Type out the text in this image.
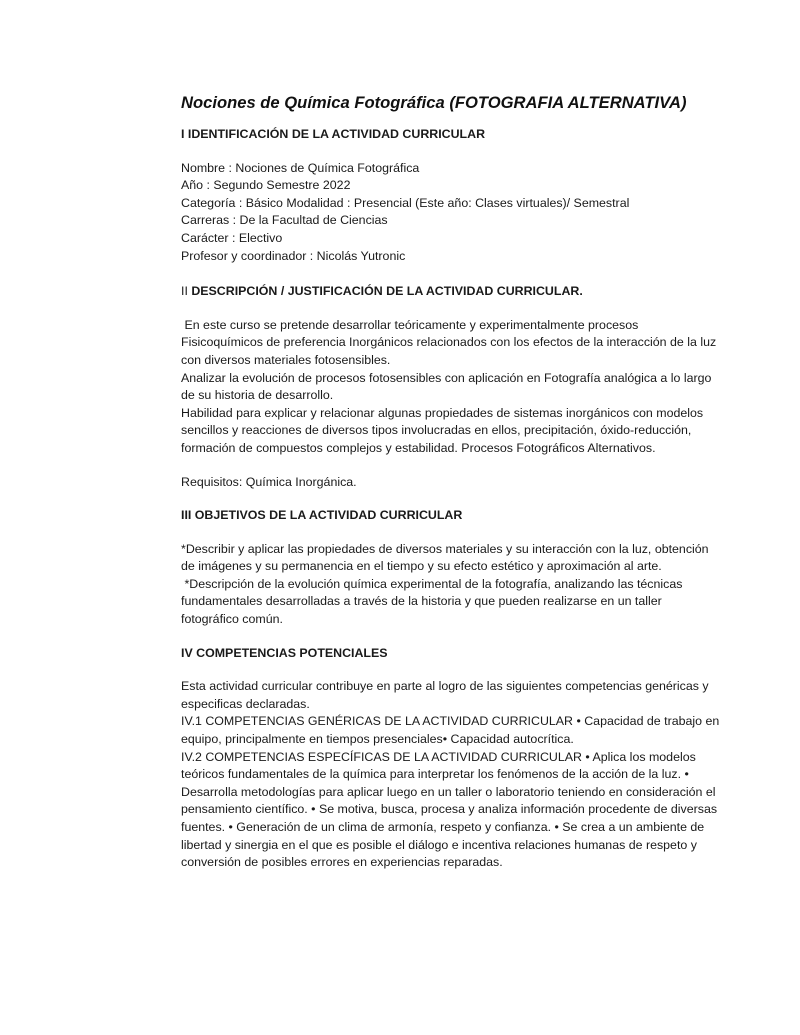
Nociones de Química Fotográfica (FOTOGRAFIA ALTERNATIVA)

I IDENTIFICACIÓN DE LA ACTIVIDAD CURRICULAR

Nombre : Nociones de Química Fotográfica

Año : Segundo Semestre 2022

Categoría : Básico Modalidad : Presencial (Este año: Clases virtuales)/ Semestral

Carreras : De la Facultad de Ciencias

Carácter : Electivo

Profesor y coordinador : Nicolás Yutronic

II DESCRIPCIÓN / JUSTIFICACIÓN DE LA ACTIVIDAD CURRICULAR.

En este curso se pretende desarrollar teóricamente y experimentalmente procesos Fisicoquímicos de preferencia Inorgánicos relacionados con los efectos de la interacción de la luz con diversos materiales fotosensibles.

Analizar la evolución de procesos fotosensibles con aplicación en Fotografía analógica a lo largo de su historia de desarrollo.

Habilidad para explicar y relacionar algunas propiedades de sistemas inorgánicos con modelos sencillos y reacciones de diversos tipos involucradas en ellos, precipitación, óxido-reducción, formación de compuestos complejos y estabilidad. Procesos Fotográficos Alternativos.

Requisitos: Química Inorgánica.

III OBJETIVOS DE LA ACTIVIDAD CURRICULAR

*Describir y aplicar las propiedades de diversos materiales y su interacción con la luz, obtención de imágenes y su permanencia en el tiempo y su efecto estético y aproximación al arte.

*Descripción de la evolución química experimental de la fotografía, analizando las técnicas fundamentales desarrolladas a través de la historia y que pueden realizarse en un taller fotográfico común.

IV COMPETENCIAS POTENCIALES

Esta actividad curricular contribuye en parte al logro de las siguientes competencias genéricas y especificas declaradas.

IV.1 COMPETENCIAS GENÉRICAS DE LA ACTIVIDAD CURRICULAR • Capacidad de trabajo en equipo, principalmente en tiempos presenciales• Capacidad autocrítica.

IV.2 COMPETENCIAS ESPECÍFICAS DE LA ACTIVIDAD CURRICULAR • Aplica los modelos teóricos fundamentales de la química para interpretar los fenómenos de la acción de la luz. • Desarrolla metodologías para aplicar luego en un taller o laboratorio teniendo en consideración el pensamiento científico. • Se motiva, busca, procesa y analiza información procedente de diversas fuentes. • Generación de un clima de armonía, respeto y confianza. • Se crea a un ambiente de libertad y sinergia en el que es posible el diálogo e incentiva relaciones humanas de respeto y conversión de posibles errores en experiencias reparadas.
